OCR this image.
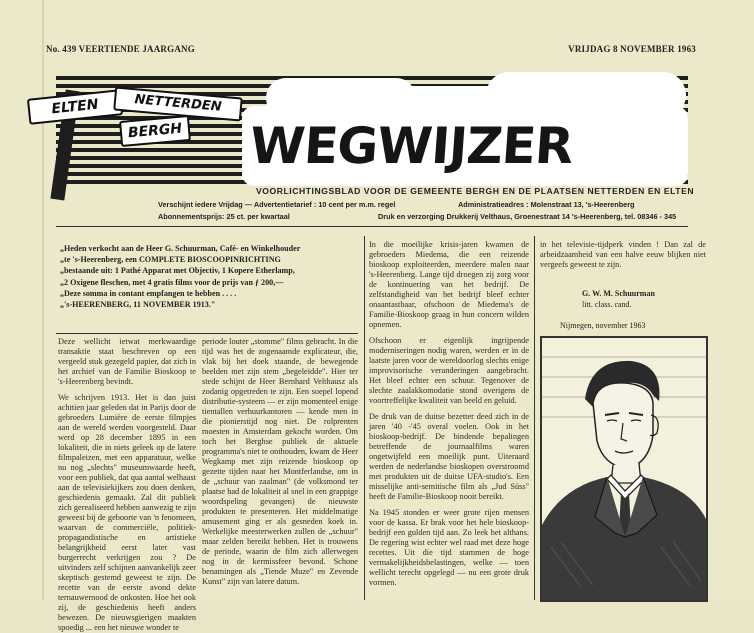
No. 439 VEERTIENDE JAARGANG	VRIJDAG 8 NOVEMBER 1963
ELTEN	NETTERDEN
BERGH WEGWIJZER
VOORLICHTINGSBLAD VOOR DE GEMEENTE BERGH EN DE PLAATSEN NETTERDEN EN ELTEN
Verschijnt iedere Vrijdag — Advertentietarief : 10 cent per m.m. regel	Administratieadres : Molenstraat 13, 's-Heerenberg
Abonnementsprijs: 25 ct. per kwartaal	Druk en verzorging Drukkerij Velthaus, Groenestraat 14 's-Heerenberg, tel. 08346 - 345
„Heden verkocht aan de Heer G. Schuurman, Café- en Winkelhouder
„te 's-Heerenberg, een COMPLETE BIOSCOOPINRICHTING
„bestaande uit: 1 Pathé Apparat met Objectiv, 1 Kopere Etherlamp,
„2 Oxigene fleschen, met 4 gratis films voor de prijs van ƒ 200,—
„Deze somma in contant empfangen te hebben . . . .
„'s-HEERENBERG, 11 NOVEMBER 1913."

Deze wellicht ietwat merkwaardige transaktie staat beschreven op een vergeeld stuk gezegeld papier, dat zich in het archief van de Familie Bioskoop te 's-Heerenberg bevindt.

We schrijven 1913. Het is dan juist achttien jaar geleden dat in Parijs door de gebroeders Lumière de eerste filmpjes aan de wereld werden voorgesteld. Daar werd op 28 december 1895 in een lokaliteit, die in niets geleek op de latere filmpaleizen, met een apparatuur, welke nu nog „slechts" museumwaarde heeft, voor een publiek, dat qua aantal welhaast aan de televisiekijkers zou doen denken, geschiedenis gemaakt. Zal dit publiek zich gerealiseerd hebben aanwezig te zijn geweest bij de geboorte van 'n fenomeen, waarvan de commerciële, politiek-propagandistische en artistieke belangrijkheid eerst later vast burgerrecht verkrijgen zou ? De uitvinders zelf schijnen aanvankelijk zeer skeptisch gestemd geweest te zijn. De recette van de eerste avond dekte ternauwernood de onkosten. Hoe het ook zij, de geschiedenis heeft anders bewezen. De nieuwsgierigen maakten spoedig ... een het nieuwe wonder te

periode louter „stomme" films gebracht. In die tijd was het de zogenaamde explicateur, die, vlak bij het doek staande, de bewegende beelden met zijn stem „begeleidde". Hier ter stede schijnt de Heer Bernhard Velthausz als zodanig opgetreden te zijn. Een soepel lopend distributie-systeem — er zijn momenteel enige tientallen verhuurkantoren — kende men in die pionierstijd nog niet. De rolprenten moesten in Amsterdam gekocht worden. Om toch het Berghse publiek de aktuele programma's niet te onthouden, kwam de Heer Wegkamp met zijn reizende bioskoop op gezette tijden naar het Montferlandse, om in de „schuur van zaalman" (de volksmond ter plaatse had de lokaliteit al snel in een grappige woordspeling gevangen) de nieuwste produkten te presenteren. Het middelmatige amusement ging er als gesneden koek in. Werkelijke meesterwerken zullen de „schuur" maar zelden bereikt hebben. Het is trouwens de periode, waarin de film zich allerwegen nog in de kermissfeer bevond. Schone benamingen als „Tiende Muze" en Zevende Kunst" zijn van latere datum.

In die moeilijke krisis-jaren kwamen de gebroeders Miedema, die een reizende bioskoop exploiteerden, meerdere malen naar 's-Heerenberg. Lange tijd droegen zij zorg voor de kontinuering van het bedrijf. De zelfstandigheid van het bedrijf bleef echter onaantastbaar, ofschoon de Miedema's de Familie-Bioskoop graag in hun concern wilden opnemen.

Ofschoon er eigenlijk ingrijpende moderniseringen nodig waren, werden er in de laatste jaren voor de wereldoorlog slechts enige improvisorische veranderingen aangebracht. Het bleef echter een schuur. Tegenover de slechte zaalakkomodatie stond overigens de voortreffelijke kwaliteit van beeld en geluid.

De druk van de duitse bezetter deed zich in de jaren '40 -'45 overal voelen. Ook in het bioskoop-bedrijf. De bindende bepalingen betreffende de journaalfilms waren ongetwijfeld een moeilijk punt. Uiteraard werden de nederlandse bioskopen overstroomd met produkten uit de duitse UFA-studio's. Een misselijke anti-semitische film als „Jud Süss" heeft de Familie-Bioskoop nooit bereikt.

Na 1945 stonden er weer grote rijen mensen voor de kassa. Er brak voor het hele bioskoop-bedrijf een gulden tijd aan. Zo leek het althans. De regering wist echter wel raad met deze hoge recettes. Uit die tijd stammen de hoge vermakelijkheidsbelastingen, welke — toen wellicht terecht opgelegd — nu een grote druk vormen.

in het televisie-tijdperk vinden ! Dan zal de arbeidzaamheid van een halve eeuw blijken niet vergeefs geweest te zijn.

G. W. M. Schuurman
litt. class. cand.
Nijmegen, november 1963
